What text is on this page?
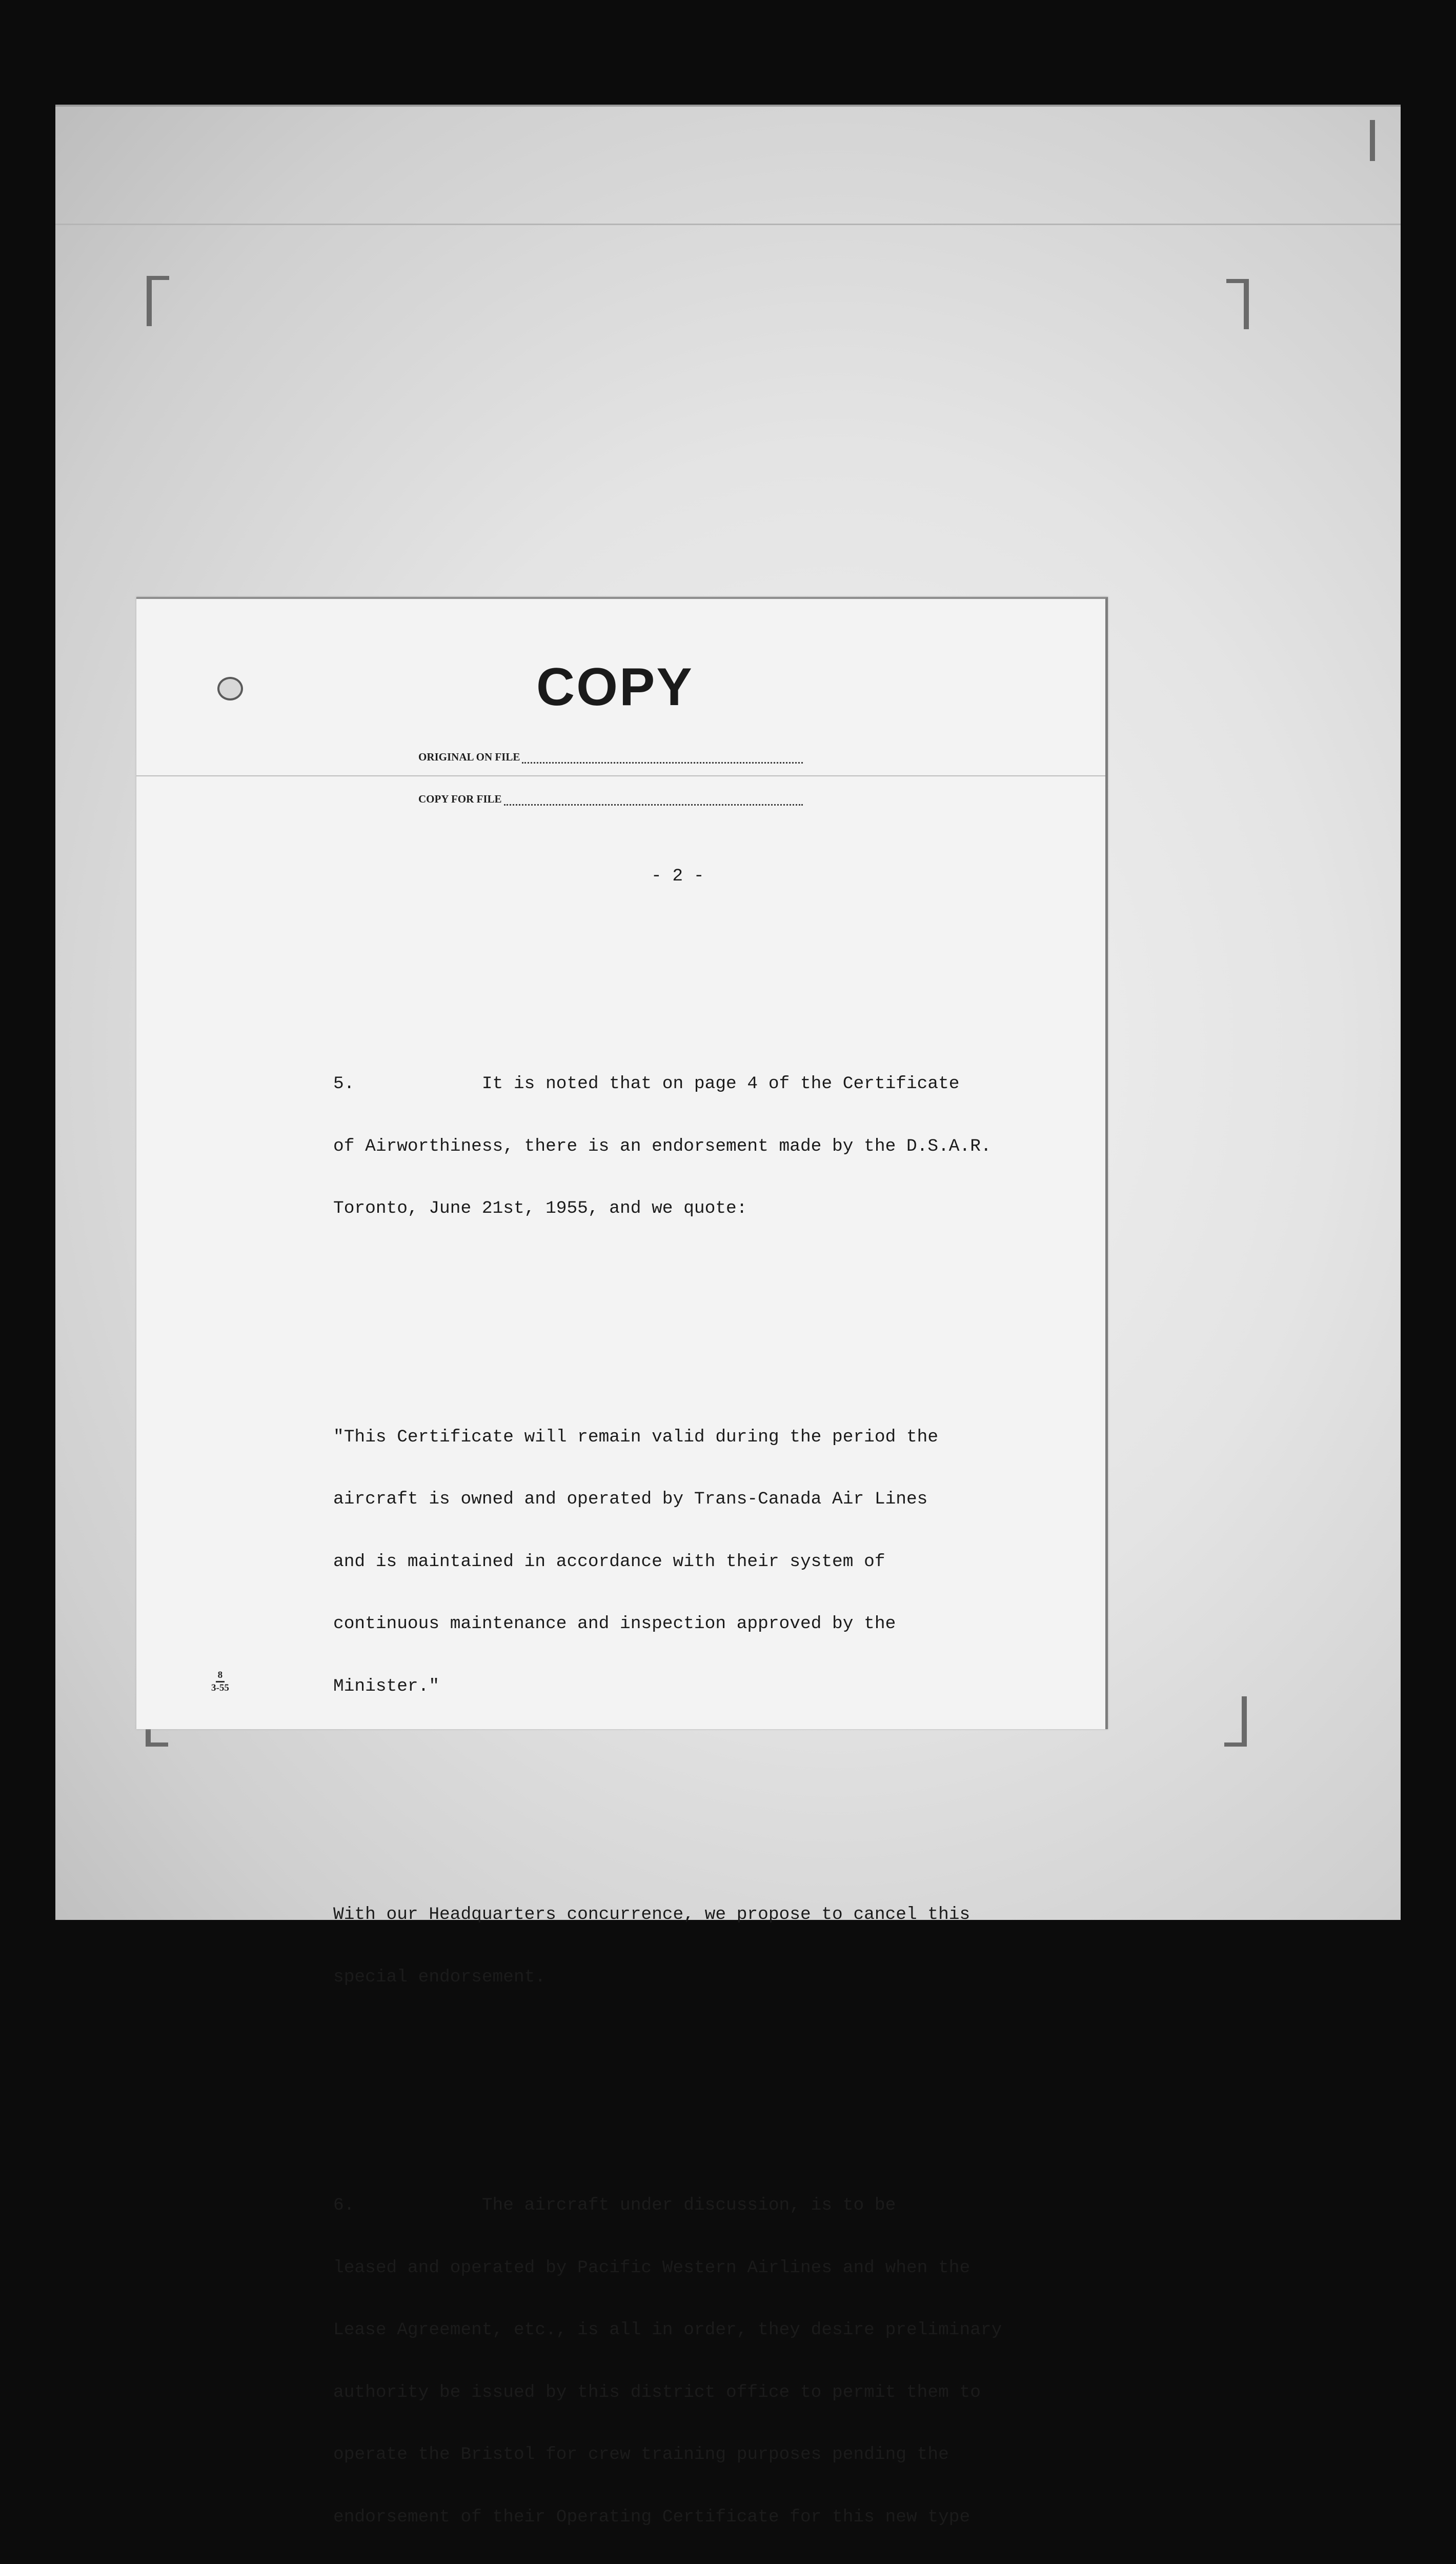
COPY
ORIGINAL ON FILE
COPY FOR FILE

- 2 -

5.            It is noted that on page 4 of the Certificate

of Airworthiness, there is an endorsement made by the D.S.A.R.

Toronto, June 21st, 1955, and we quote:

"This Certificate will remain valid during the period the

aircraft is owned and operated by Trans-Canada Air Lines

and is maintained in accordance with their system of

continuous maintenance and inspection approved by the

Minister."

With our Headquarters concurrence, we propose to cancel this

special endorsement.

6.            The aircraft under discussion, is to be

leased and operated by Pacific Western Airlines and when the

Lease Agreement, etc., is all in order, they desire preliminary

authority be issued by this district office to permit them to

operate the Bristol for crew training purposes pending the

endorsement of their Operating Certificate for this new type

8
3-55
